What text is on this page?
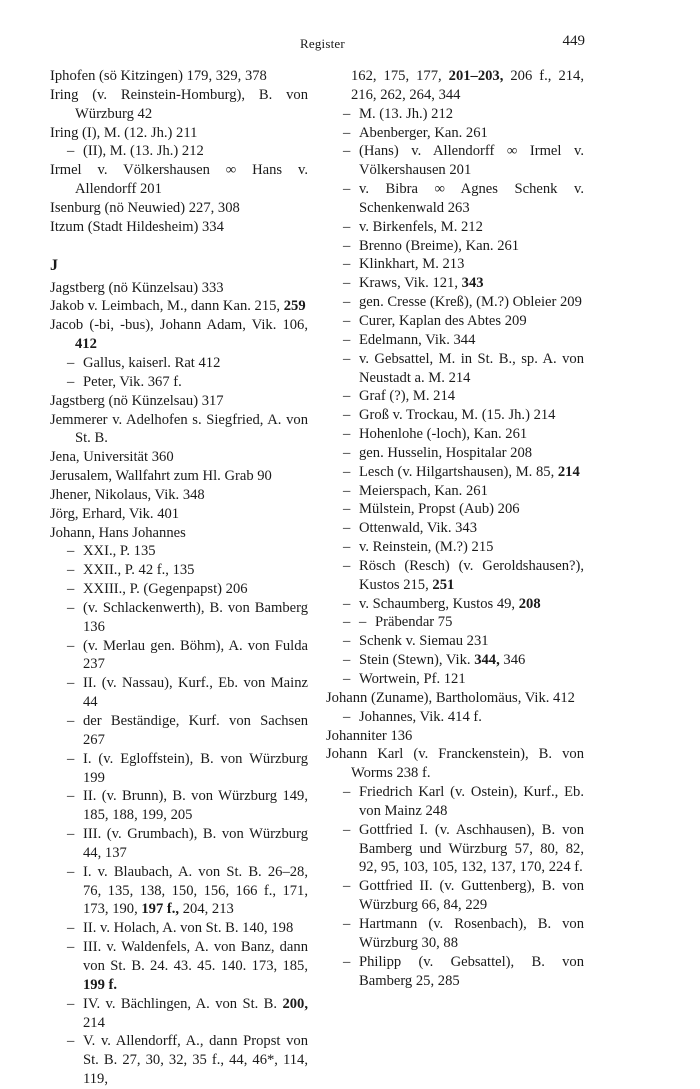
Register	449
Iphofen (sö Kitzingen) 179, 329, 378
Iring (v. Reinstein-Homburg), B. von Würzburg 42
Iring (I), M. (12. Jh.) 211
– (II), M. (13. Jh.) 212
Irmel v. Völkershausen ∞ Hans v. Allendorff 201
Isenburg (nö Neuwied) 227, 308
Itzum (Stadt Hildesheim) 334
J
Jagstberg (nö Künzelsau) 333
Jakob v. Leimbach, M., dann Kan. 215, 259
Jacob (-bi, -bus), Johann Adam, Vik. 106, 412
– Gallus, kaiserl. Rat 412
– Peter, Vik. 367 f.
Jagstberg (nö Künzelsau) 317
Jemmerer v. Adelhofen s. Siegfried, A. von St. B.
Jena, Universität 360
Jerusalem, Wallfahrt zum Hl. Grab 90
Jhener, Nikolaus, Vik. 348
Jörg, Erhard, Vik. 401
Johann, Hans Johannes
– XXI., P. 135
– XXII., P. 42 f., 135
– XXIII., P. (Gegenpapst) 206
– (v. Schlackenwerth), B. von Bamberg 136
– (v. Merlau gen. Böhm), A. von Fulda 237
– II. (v. Nassau), Kurf., Eb. von Mainz 44
– der Beständige, Kurf. von Sachsen 267
– I. (v. Egloffstein), B. von Würzburg 199
– II. (v. Brunn), B. von Würzburg 149, 185, 188, 199, 205
– III. (v. Grumbach), B. von Würzburg 44, 137
– I. v. Blaubach, A. von St. B. 26–28, 76, 135, 138, 150, 156, 166 f., 171, 173, 190, 197 f., 204, 213
– II. v. Holach, A. von St. B. 140, 198
– III. v. Waldenfels, A. von Banz, dann von St. B. 24. 43. 45. 140. 173, 185, 199 f.
– IV. v. Bächlingen, A. von St. B. 200, 214
– V. v. Allendorff, A., dann Propst von St. B. 27, 30, 32, 35 f., 44, 46*, 114, 119,
162, 175, 177, 201–203, 206 f., 214, 216, 262, 264, 344
– M. (13. Jh.) 212
– Abenberger, Kan. 261
– (Hans) v. Allendorff ∞ Irmel v. Völkershausen 201
– v. Bibra ∞ Agnes Schenk v. Schenkenwald 263
– v. Birkenfels, M. 212
– Brenno (Breime), Kan. 261
– Klinkhart, M. 213
– Kraws, Vik. 121, 343
– gen. Cresse (Kreß), (M.?) Obleier 209
– Curer, Kaplan des Abtes 209
– Edelmann, Vik. 344
– v. Gebsattel, M. in St. B., sp. A. von Neustadt a. M. 214
– Graf (?), M. 214
– Groß v. Trockau, M. (15. Jh.) 214
– Hohenlohe (-loch), Kan. 261
– gen. Husselin, Hospitalar 208
– Lesch (v. Hilgartshausen), M. 85, 214
– Meierspach, Kan. 261
– Mülstein, Propst (Aub) 206
– Ottenwald, Vik. 343
– v. Reinstein, (M.?) 215
– Rösch (Resch) (v. Geroldshausen?), Kustos 215, 251
– v. Schaumberg, Kustos 49, 208
– – Präbendar 75
– Schenk v. Siemau 231
– Stein (Stewn), Vik. 344, 346
– Wortwein, Pf. 121
Johann (Zuname), Bartholomäus, Vik. 412
– Johannes, Vik. 414 f.
Johanniter 136
Johann Karl (v. Franckenstein), B. von Worms 238 f.
– Friedrich Karl (v. Ostein), Kurf., Eb. von Mainz 248
– Gottfried I. (v. Aschhausen), B. von Bamberg und Würzburg 57, 80, 82, 92, 95, 103, 105, 132, 137, 170, 224 f.
– Gottfried II. (v. Guttenberg), B. von Würzburg 66, 84, 229
– Hartmann (v. Rosenbach), B. von Würzburg 30, 88
– Philipp (v. Gebsattel), B. von Bamberg 25, 285
